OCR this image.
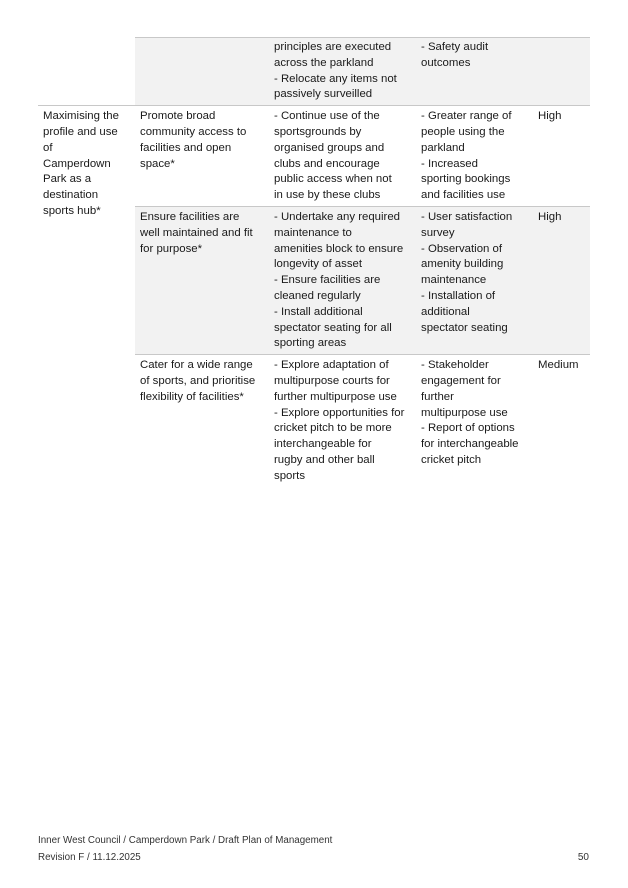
principles are executed
across the parkland
- Relocate any items not
passively surveilled
- Safety audit
outcomes
Maximising the
profile and use
of
Camperdown
Park as a
destination
sports hub*
Promote broad
community access to
facilities and open
space*
- Continue use of the
sportsgrounds by
organised groups and
clubs and encourage
public access when not
in use by these clubs
- Greater range of
people using the
parkland
- Increased
sporting bookings
and facilities use
High
Ensure facilities are
well maintained and fit
for purpose*
- Undertake any required
maintenance to
amenities block to ensure
longevity of asset
- Ensure facilities are
cleaned regularly
- Install additional
spectator seating for all
sporting areas
- User satisfaction
survey
- Observation of
amenity building
maintenance
- Installation of
additional
spectator seating
High
Cater for a wide range
of sports, and prioritise
flexibility of facilities*
- Explore adaptation of
multipurpose courts for
further multipurpose use
- Explore opportunities for
cricket pitch to be more
interchangeable for
rugby and other ball
sports
- Stakeholder
engagement for
further
multipurpose use
- Report of options
for interchangeable
cricket pitch
Medium
Inner West Council / Camperdown Park / Draft Plan of Management
Revision F / 11.12.2025	50
